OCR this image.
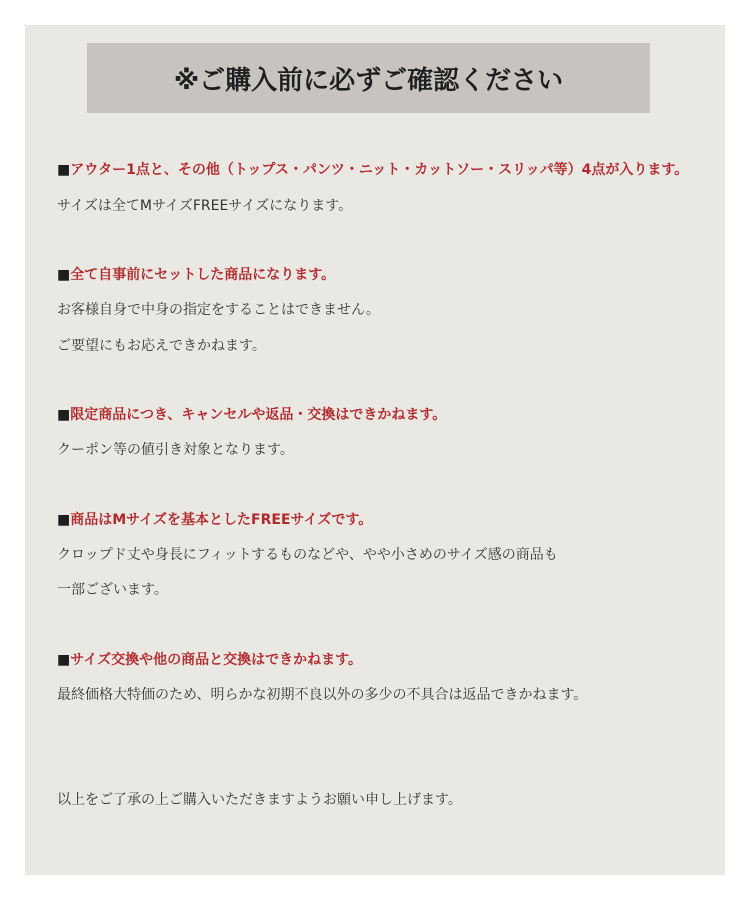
※ご購入前に必ずご確認ください
■アウター1点と、その他（トップス・パンツ・ニット・カットソー・スリッパ等）4点が入ります。
サイズは全てMサイズFREEサイズになります。
■全て自事前にセットした商品になります。
お客様自身で中身の指定をすることはできません。
ご要望にもお応えできかねます。
■限定商品につき、キャンセルや返品・交換はできかねます。
クーポン等の値引き対象となります。
■商品はMサイズを基本としたFREEサイズです。
クロップド丈や身長にフィットするものなどや、やや小さめのサイズ感の商品も
一部ございます。
■サイズ交換や他の商品と交換はできかねます。
最終価格大特価のため、明らかな初期不良以外の多少の不具合は返品できかねます。
以上をご了承の上ご購入いただきますようお願い申し上げます。
